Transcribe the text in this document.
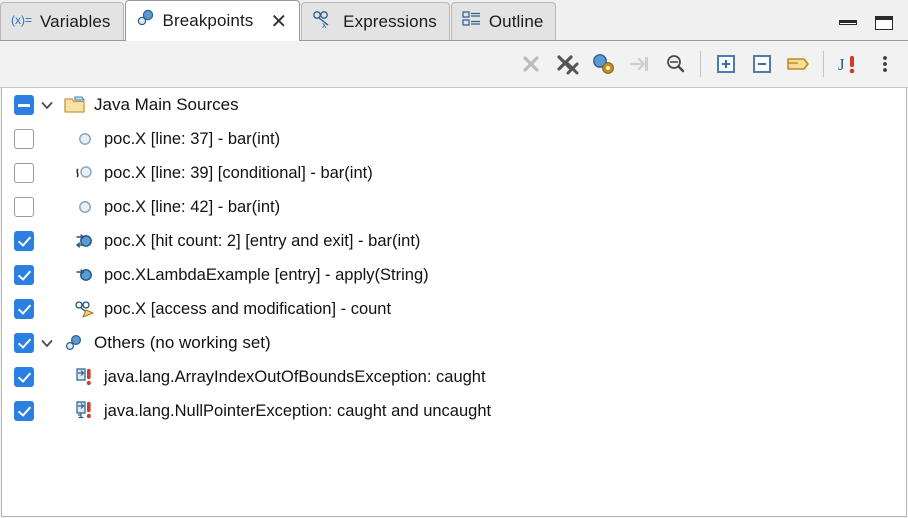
(x)= Variables	Breakpoints ✕	x Expressions	Outline
J
Java Main Sources
poc.X [line: 37] - bar(int)
poc.X [line: 39] [conditional] - bar(int)
poc.X [line: 42] - bar(int)
poc.X [hit count: 2] [entry and exit] - bar(int)
poc.XLambdaExample [entry] - apply(String)
poc.X [access and modification] - count
Others (no working set)
java.lang.ArrayIndexOutOfBoundsException: caught
java.lang.NullPointerException: caught and uncaught
